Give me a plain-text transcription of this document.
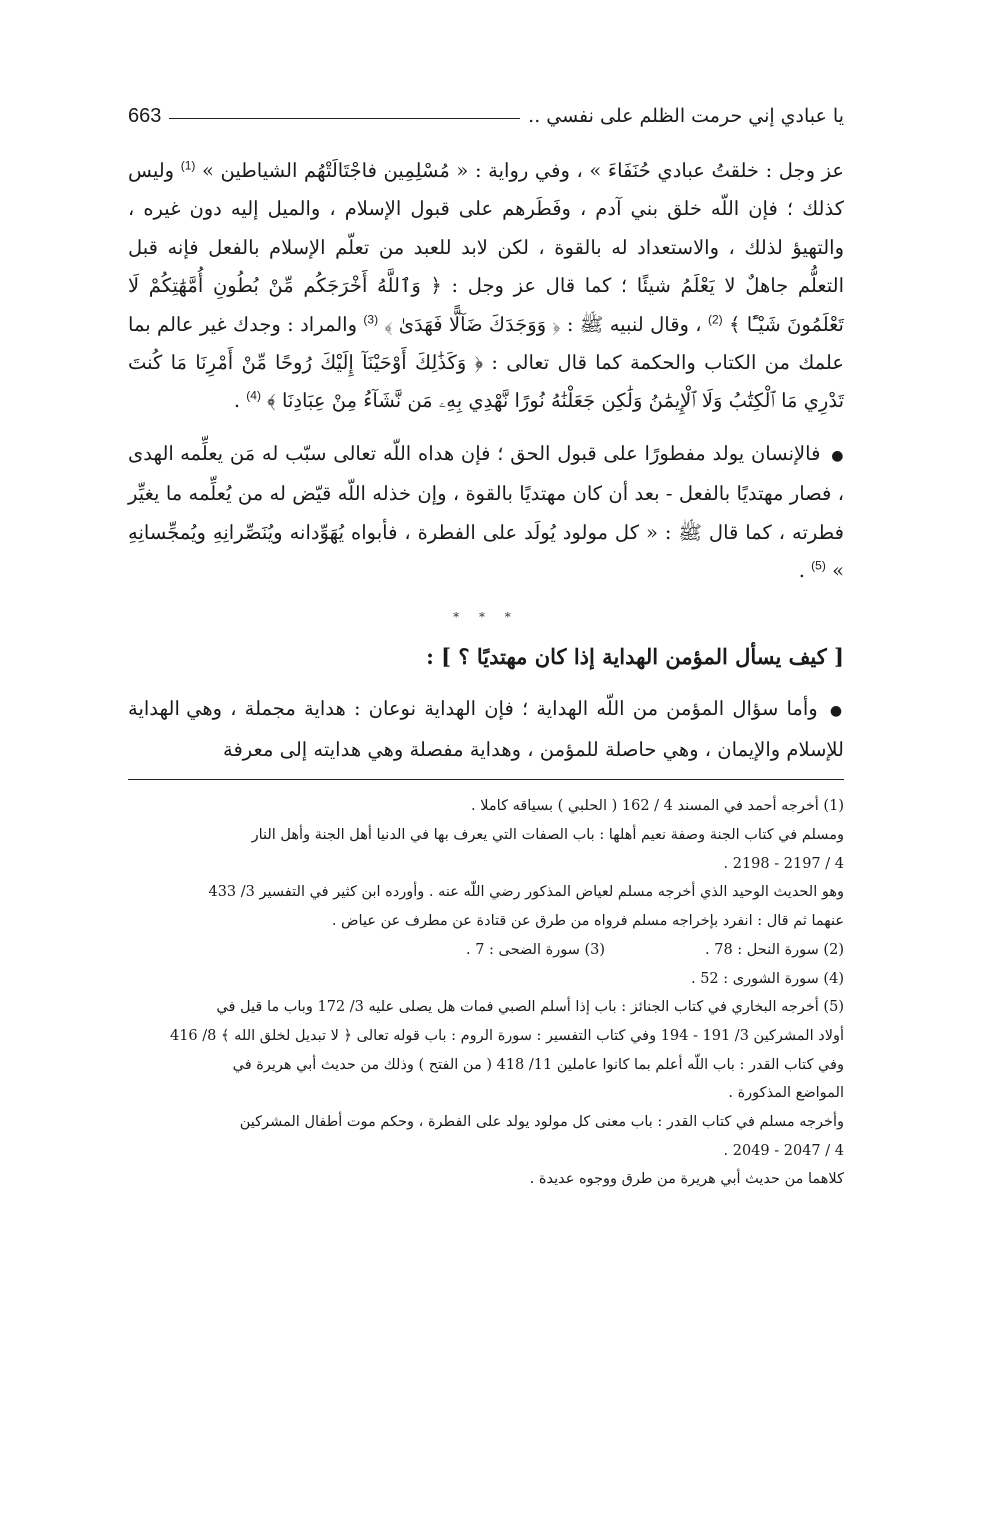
يا عبادي إني حرمت الظلم على نفسي ..
663

عز وجل : خلقتُ عبادي حُنَفَاءَ » ، وفي رواية : « مُسْلِمِين فاجْتَالَتْهُم الشياطين » $^{(1)}$ وليس كذلك ؛ فإن اللّه خلق بني آدم ، وفَطَرهم على قبول الإسلام ، والميل إليه دون غيره ، والتهيؤ لذلك ، والاستعداد له بالقوة ، لكن لابد للعبد من تعلّم الإسلام بالفعل فإنه قبل التعلُّم جاهلٌ لا يَعْلَمُ شيئًا ؛ كما قال عز وجل : ﴿ وَٱللَّهُ أَخْرَجَكُم مِّنْ بُطُونِ أُمَّهَٰتِكُمْ لَا تَعْلَمُونَ شَيْـًٔا ﴾ $^{(2)}$ ، وقال لنبيه ﷺ : ﴿ وَوَجَدَكَ ضَآلًّا فَهَدَىٰ ﴾ $^{(3)}$ والمراد : وجدك غير عالم بما علمك من الكتاب والحكمة كما قال تعالى : ﴿ وَكَذَٰلِكَ أَوْحَيْنَآ إِلَيْكَ رُوحًا مِّنْ أَمْرِنَا مَا كُنتَ تَدْرِي مَا ٱلْكِتَٰبُ وَلَا ٱلْإِيمَٰنُ وَلَٰكِن جَعَلْنَٰهُ نُورًا نَّهْدِي بِهِۦ مَن نَّشَآءُ مِنْ عِبَادِنَا ﴾ $^{(4)}$ .

● فالإنسان يولد مفطورًا على قبول الحق ؛ فإن هداه اللّه تعالى سبّب له مَن يعلِّمه الهدى ، فصار مهتديًا بالفعل - بعد أن كان مهتديًا بالقوة ، وإن خذله اللّه قيّض له من يُعلِّمه ما يغيِّر فطرته ، كما قال ﷺ : « كل مولود يُولَد على الفطرة ، فأبواه يُهَوِّدانه ويُنَصِّرانِهِ ويُمجِّسانِهِ » $^{(5)}$ .

* * *
[ كيف يسأل المؤمن الهداية إذا كان مهتديًا ؟ ] :

● وأما سؤال المؤمن من اللّه الهداية ؛ فإن الهداية نوعان : هداية مجملة ، وهي الهداية للإسلام والإيمان ، وهي حاصلة للمؤمن ، وهداية مفصلة وهي هدايته إلى معرفة

(1) أخرجه أحمد في المسند 4 / 162 ( الحلبي ) بسياقه كاملا .

ومسلم في كتاب الجنة وصفة نعيم أهلها : باب الصفات التي يعرف بها في الدنيا أهل الجنة وأهل النار

4 / 2197 - 2198 .

وهو الحديث الوحيد الذي أخرجه مسلم لعياض المذكور رضي اللّه عنه . وأورده ابن كثير في التفسير 3/ 433

عنهما ثم قال : انفرد بإخراجه مسلم فرواه من طرق عن قتادة عن مطرف عن عياض .

(2) سورة النحل : 78 .
(3) سورة الضحى : 7 .

(4) سورة الشورى : 52 .

(5) أخرجه البخاري في كتاب الجنائز : باب إذا أسلم الصبي فمات هل يصلى عليه 3/ 172 وباب ما قيل في

أولاد المشركين 3/ 191 - 194 وفي كتاب التفسير : سورة الروم : باب قوله تعالى ﴿ لا تبديل لخلق الله ﴾ 8/ 416

وفي كتاب القدر : باب اللّه أعلم بما كانوا عاملين 11/ 418 ( من الفتح ) وذلك من حديث أبي هريرة في

المواضع المذكورة .

وأخرجه مسلم في كتاب القدر : باب معنى كل مولود يولد على الفطرة ، وحكم موت أطفال المشركين

4 / 2047 - 2049 .

كلاهما من حديث أبي هريرة من طرق ووجوه عديدة .
